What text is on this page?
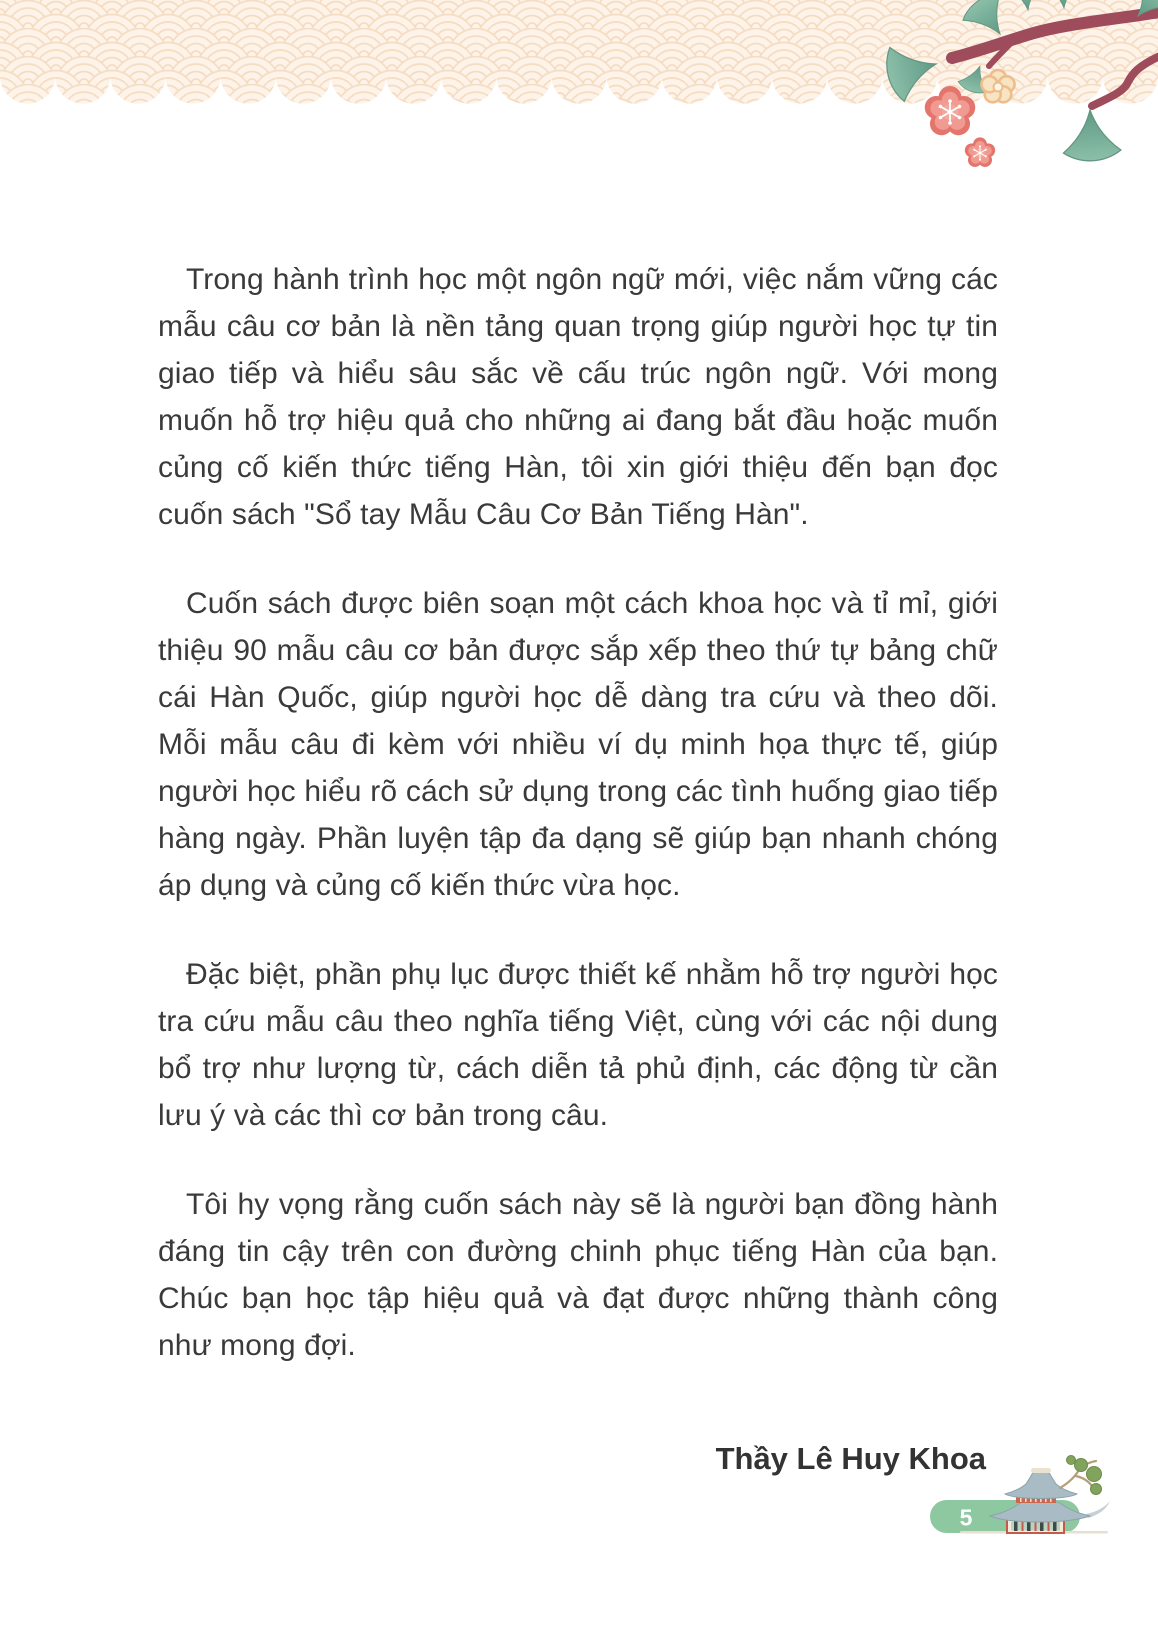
Trong hành trình học một ngôn ngữ mới, việc nắm vững các mẫu câu cơ bản là nền tảng quan trọng giúp người học tự tin giao tiếp và hiểu sâu sắc về cấu trúc ngôn ngữ. Với mong muốn hỗ trợ hiệu quả cho những ai đang bắt đầu hoặc muốn củng cố kiến thức tiếng Hàn, tôi xin giới thiệu đến bạn đọc cuốn sách "Sổ tay Mẫu Câu Cơ Bản Tiếng Hàn".

Cuốn sách được biên soạn một cách khoa học và tỉ mỉ, giới thiệu 90 mẫu câu cơ bản được sắp xếp theo thứ tự bảng chữ cái Hàn Quốc, giúp người học dễ dàng tra cứu và theo dõi. Mỗi mẫu câu đi kèm với nhiều ví dụ minh họa thực tế, giúp người học hiểu rõ cách sử dụng trong các tình huống giao tiếp hàng ngày. Phần luyện tập đa dạng sẽ giúp bạn nhanh chóng áp dụng và củng cố kiến thức vừa học.

Đặc biệt, phần phụ lục được thiết kế nhằm hỗ trợ người học tra cứu mẫu câu theo nghĩa tiếng Việt, cùng với các nội dung bổ trợ như lượng từ, cách diễn tả phủ định, các động từ cần lưu ý và các thì cơ bản trong câu.

Tôi hy vọng rằng cuốn sách này sẽ là người bạn đồng hành đáng tin cậy trên con đường chinh phục tiếng Hàn của bạn. Chúc bạn học tập hiệu quả và đạt được những thành công như mong đợi.

Thầy Lê Huy Khoa
5
